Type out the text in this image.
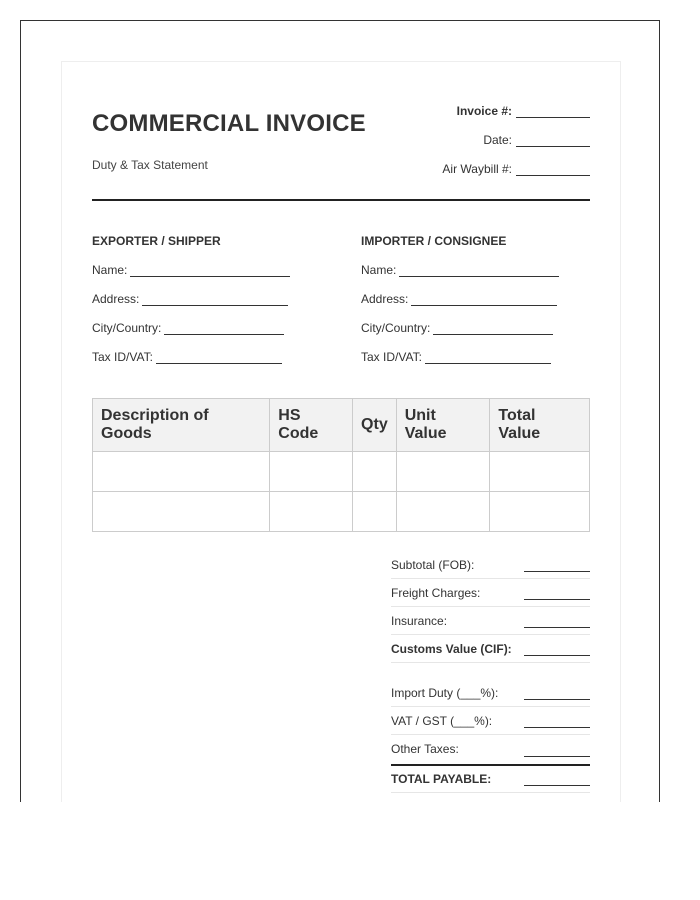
COMMERCIAL INVOICE
Duty & Tax Statement
Invoice #:
Date:
Air Waybill #:
EXPORTER / SHIPPER
Name:
Address:
City/Country:
Tax ID/VAT:
IMPORTER / CONSIGNEE
Name:
Address:
City/Country:
Tax ID/VAT:
Description of Goods	HS Code	Qty	Unit Value	Total Value

Subtotal (FOB):
Freight Charges:
Insurance:
Customs Value (CIF):
Import Duty (___%):
VAT / GST (___%):
Other Taxes:
TOTAL PAYABLE:
